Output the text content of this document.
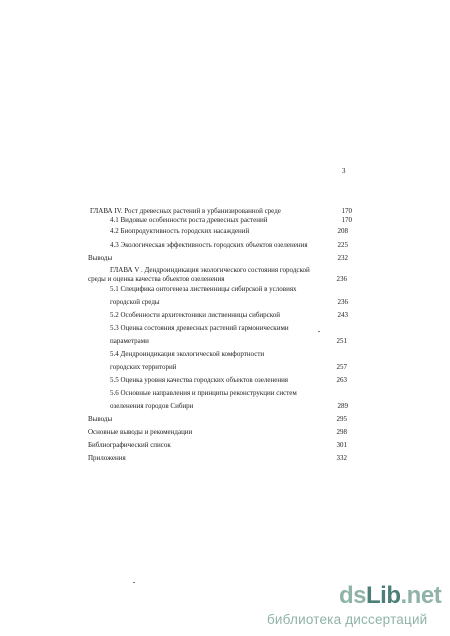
3
ГЛАВА IV. Рост древесных растений в урбанизированной среде	170
4.1 Видовые особенности роста древесных растений	170
4.2 Биопродуктивность городских насаждений	208
4.3 Экологическая эффективность городских объектов озеленения	225
Выводы	232
ГЛАВА V . Дендроиндикация экологического состояния городской
среды и оценка качества объектов озеленения	236
5.1 Специфика онтогенеза лиственницы сибирской в условиях
городской среды	236
5.2 Особенности архитектоники лиственницы сибирской	243
5.3 Оценка состояния древесных растений гармоническими
параметрами	251
5.4 Дендроиндикация экологической комфортности
городских территорий	257
5.5 Оценка уровня качества городских объектов озеленения	263
5.6 Основные направления и принципы реконструкции систем
озеленения городов Сибири	289
Выводы	295
Основные выводы и рекомендации	298
Библиографический список	301
Приложения	332
dsLib.net
библиотека диссертаций
